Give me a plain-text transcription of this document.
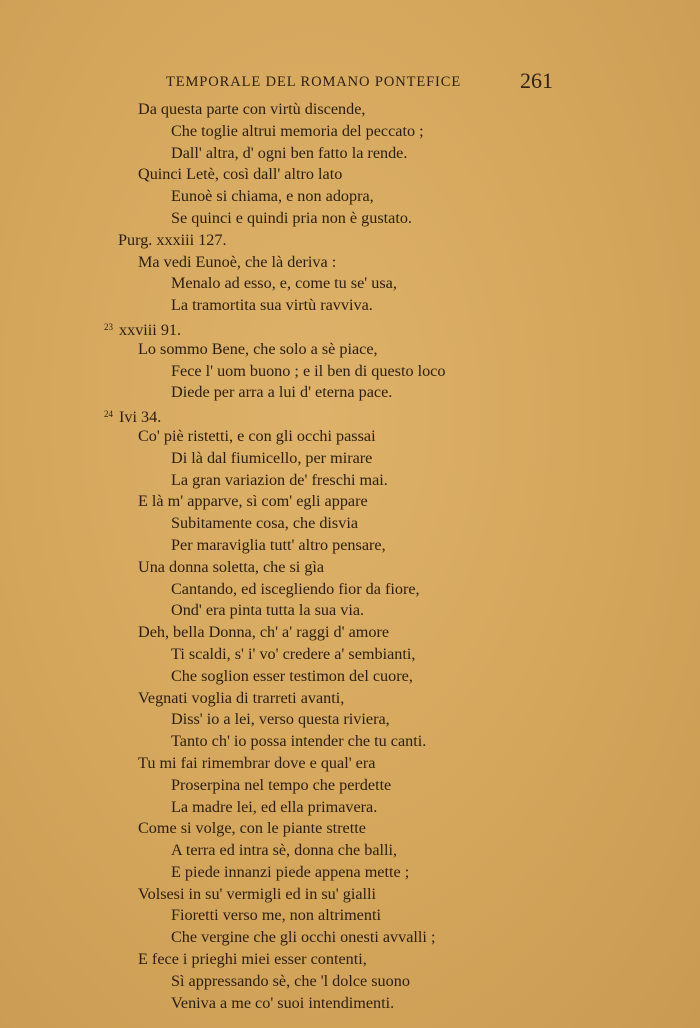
TEMPORALE DEL ROMANO PONTEFICE	261
Da questa parte con virtù discende,
Che toglie altrui memoria del peccato ;
Dall' altra, d' ogni ben fatto la rende.
Quinci Letè, così dall' altro lato
Eunoè si chiama, e non adopra,
Se quinci e quindi pria non è gustato.
Purg. xxxiii 127.
Ma vedi Eunoè, che là deriva :
Menalo ad esso, e, come tu se' usa,
La tramortita sua virtù ravviva.
$^{23}$ xxviii 91.
Lo sommo Bene, che solo a sè piace,
Fece l' uom buono ; e il ben di questo loco
Diede per arra a lui d' eterna pace.
$^{24}$ Ivi 34.
Co' piè ristetti, e con gli occhi passai
Di là dal fiumicello, per mirare
La gran variazion de' freschi mai.
E là m' apparve, sì com' egli appare
Subitamente cosa, che disvia
Per maraviglia tutt' altro pensare,
Una donna soletta, che si gìa
Cantando, ed iscegliendo fior da fiore,
Ond' era pinta tutta la sua via.
Deh, bella Donna, ch' a' raggi d' amore
Ti scaldi, s' i' vo' credere a' sembianti,
Che soglion esser testimon del cuore,
Vegnati voglia di trarreti avanti,
Diss' io a lei, verso questa riviera,
Tanto ch' io possa intender che tu canti.
Tu mi fai rimembrar dove e qual' era
Proserpina nel tempo che perdette
La madre lei, ed ella primavera.
Come si volge, con le piante strette
A terra ed intra sè, donna che balli,
E piede innanzi piede appena mette ;
Volsesi in su' vermigli ed in su' gialli
Fioretti verso me, non altrimenti
Che vergine che gli occhi onesti avvalli ;
E fece i prieghi miei esser contenti,
Sì appressando sè, che 'l dolce suono
Veniva a me co' suoi intendimenti.
